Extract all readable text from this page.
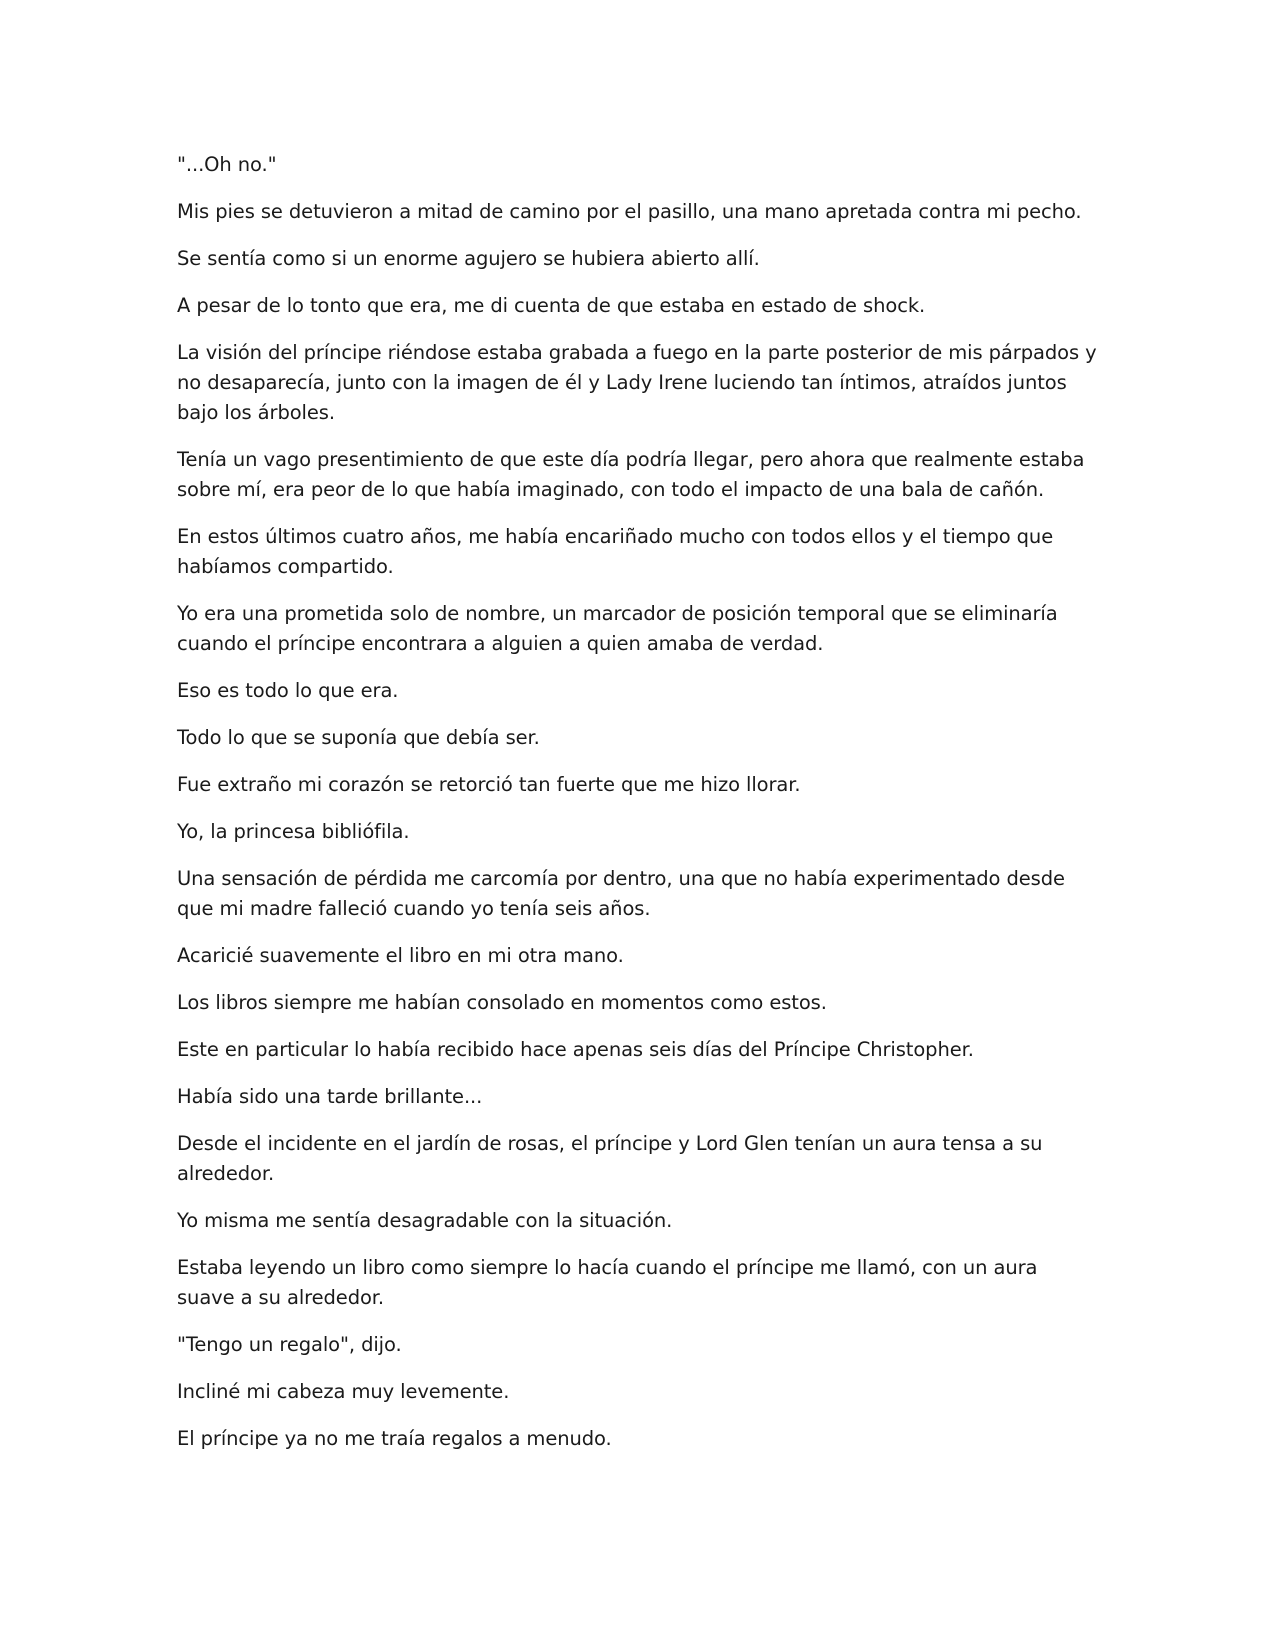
"...Oh no."

Mis pies se detuvieron a mitad de camino por el pasillo, una mano apretada contra mi pecho.

Se sentía como si un enorme agujero se hubiera abierto allí.

A pesar de lo tonto que era, me di cuenta de que estaba en estado de shock.

La visión del príncipe riéndose estaba grabada a fuego en la parte posterior de mis párpados y no desaparecía, junto con la imagen de él y Lady Irene luciendo tan íntimos, atraídos juntos bajo los árboles.

Tenía un vago presentimiento de que este día podría llegar, pero ahora que realmente estaba sobre mí, era peor de lo que había imaginado, con todo el impacto de una bala de cañón.

En estos últimos cuatro años, me había encariñado mucho con todos ellos y el tiempo que habíamos compartido.

Yo era una prometida solo de nombre, un marcador de posición temporal que se eliminaría cuando el príncipe encontrara a alguien a quien amaba de verdad.

Eso es todo lo que era.

Todo lo que se suponía que debía ser.

Fue extraño mi corazón se retorció tan fuerte que me hizo llorar.

Yo, la princesa bibliófila.

Una sensación de pérdida me carcomía por dentro, una que no había experimentado desde que mi madre falleció cuando yo tenía seis años.

Acaricié suavemente el libro en mi otra mano.

Los libros siempre me habían consolado en momentos como estos.

Este en particular lo había recibido hace apenas seis días del Príncipe Christopher.

Había sido una tarde brillante...

Desde el incidente en el jardín de rosas, el príncipe y Lord Glen tenían un aura tensa a su alrededor.

Yo misma me sentía desagradable con la situación.

Estaba leyendo un libro como siempre lo hacía cuando el príncipe me llamó, con un aura suave a su alrededor.

"Tengo un regalo", dijo.

Incliné mi cabeza muy levemente.

El príncipe ya no me traía regalos a menudo.
